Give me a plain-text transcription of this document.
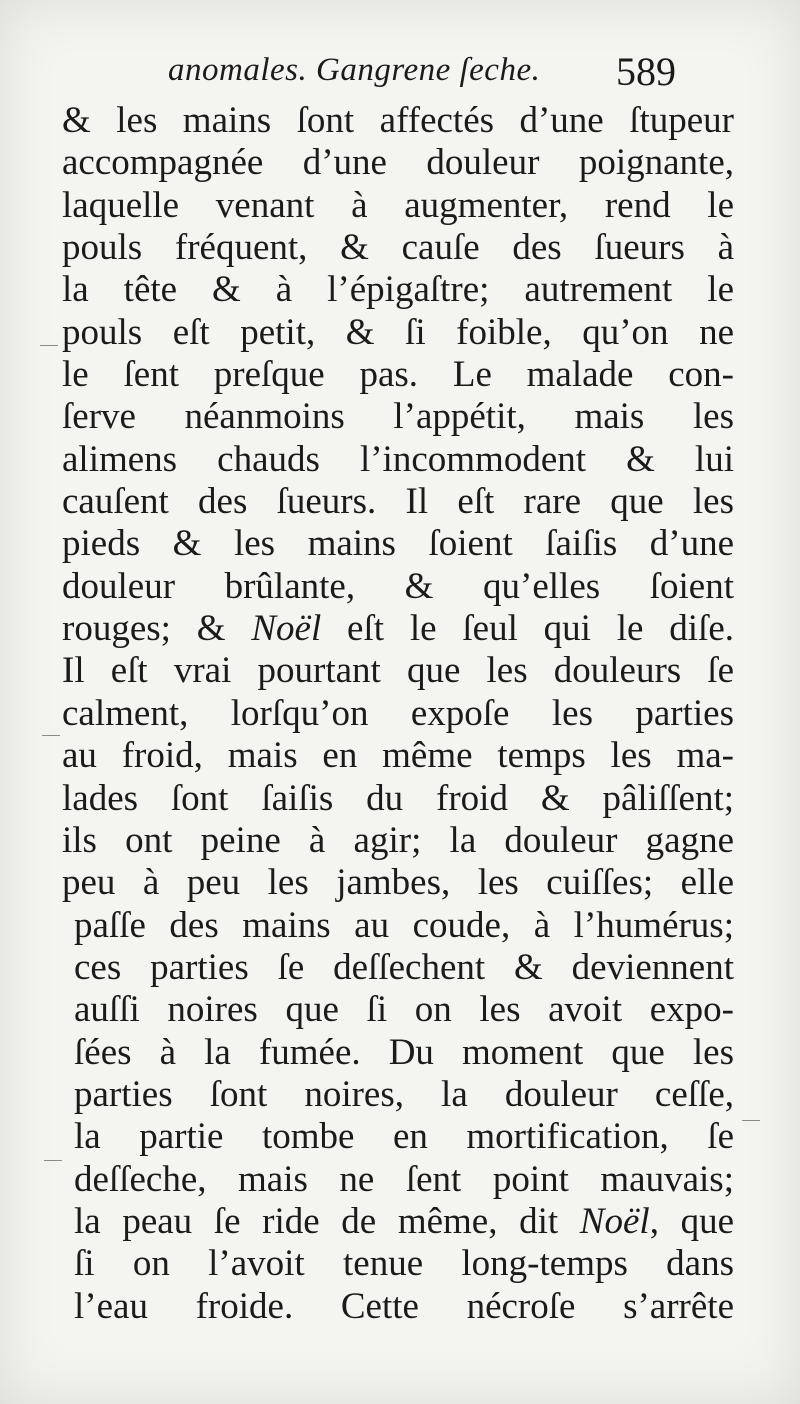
anomales. Gangrene ſeche. 589
& les mains ſont affectés d’une ſtupeur
accompagnée d’une douleur poignante,
laquelle venant à augmenter, rend le
pouls fréquent, & cauſe des ſueurs à
la tête & à l’épigaſtre; autrement le
pouls eſt petit, & ſi foible, qu’on ne
le ſent preſque pas. Le malade con-
ſerve néanmoins l’appétit, mais les
alimens chauds l’incommodent & lui
cauſent des ſueurs. Il eſt rare que les
pieds & les mains ſoient ſaiſis d’une
douleur brûlante, & qu’elles ſoient
rouges; & Noël eſt le ſeul qui le diſe.
Il eſt vrai pourtant que les douleurs ſe
calment, lorſqu’on expoſe les parties
au froid, mais en même temps les ma-
lades ſont ſaiſis du froid & pâliſſent;
ils ont peine à agir; la douleur gagne
peu à peu les jambes, les cuiſſes; elle
paſſe des mains au coude, à l’humérus;
ces parties ſe deſſechent & deviennent
auſſi noires que ſi on les avoit expo-
ſées à la fumée. Du moment que les
parties ſont noires, la douleur ceſſe,
la partie tombe en mortification, ſe
deſſeche, mais ne ſent point mauvais;
la peau ſe ride de même, dit Noël, que
ſi on l’avoit tenue long-temps dans
l’eau froide. Cette nécroſe s’arrête
